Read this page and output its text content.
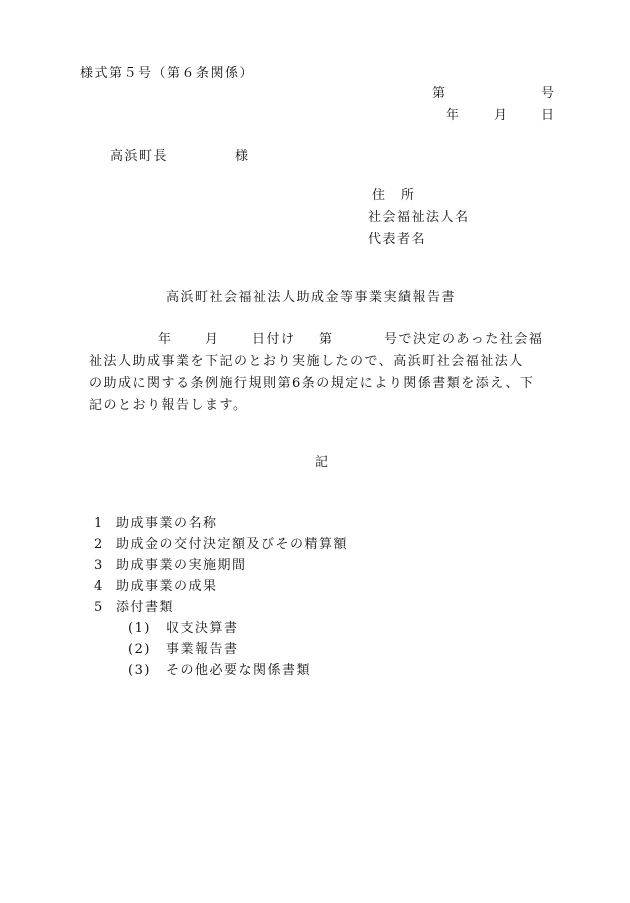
様式第５号（第６条関係）
第	号
年	月 日
高浜町長	様
住　所
社会福祉法人名
代表者名
高浜町社会福祉法人助成金等事業実績報告書
年 月 日付け 第	号で決定のあった社会福
祉法人助成事業を下記のとおり実施したので、高浜町社会福祉法人
の助成に関する条例施行規則第6条の規定により関係書類を添え、下
記のとおり報告します。
記
1 助成事業の名称
2 助成金の交付決定額及びその精算額
3 助成事業の実施期間
4 助成事業の成果
5 添付書類
(1) 収支決算書
(2) 事業報告書
(3) その他必要な関係書類
